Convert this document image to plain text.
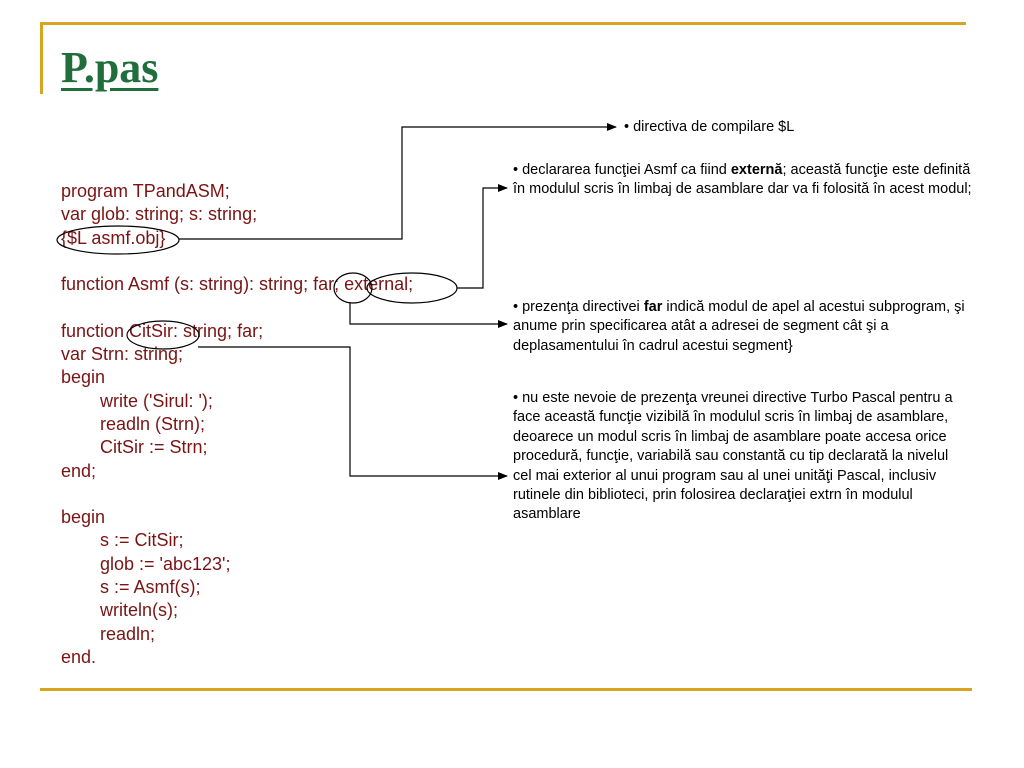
P.pas
program TPandASM;
var glob: string; s: string;
{$L asmf.obj}
function Asmf (s: string): string; far; external;
function CitSir: string; far;
var Strn: string;
begin
write ('Sirul: ');
readln (Strn);
CitSir := Strn;
end;
begin
s := CitSir;
glob := 'abc123';
s := Asmf(s);
writeln(s);
readln;
end.
• directiva de compilare $L
• declararea funcţiei Asmf ca fiind externă; această funcţie este definită în modulul scris în limbaj de asamblare dar va fi folosită în acest modul;
• prezenţa directivei far indică modul de apel al acestui subprogram, şi anume prin specificarea atât a adresei de segment cât şi a deplasamentului în cadrul acestui segment}
• nu este nevoie de prezenţa vreunei directive Turbo Pascal pentru a face această funcţie vizibilă în modulul scris în limbaj de asamblare, deoarece un modul scris în limbaj de asamblare poate accesa orice procedură, funcţie, variabilă sau constantă cu tip declarată la nivelul cel mai exterior al unui program sau al unei unităţi Pascal, inclusiv rutinele din biblioteci, prin folosirea declaraţiei extrn în modulul asamblare
